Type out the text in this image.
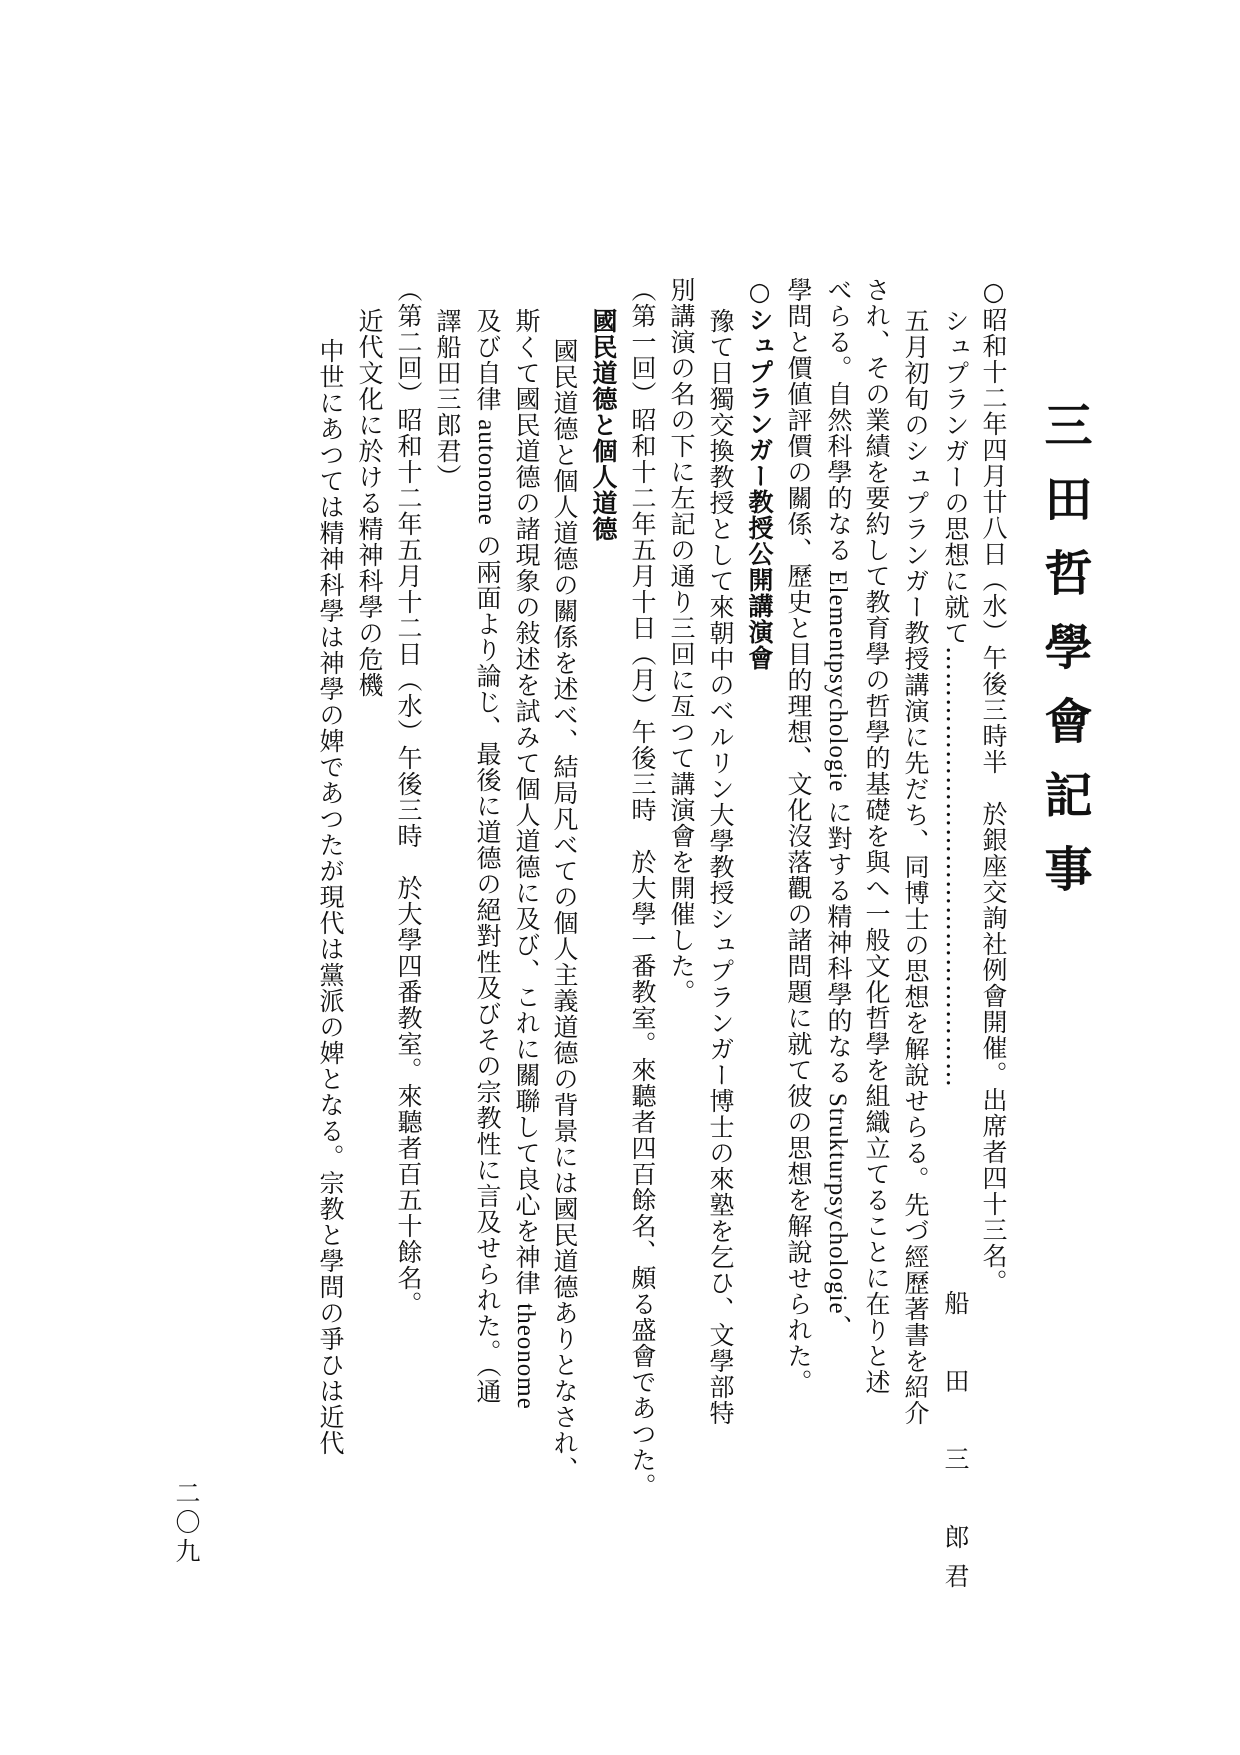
三田哲學會記事
○昭和十二年四月廿八日（水）午後三時半　於銀座交詢社例會開催。出席者四十三名。
シュプランガーの思想に就て……………………………………………
船　田　三　郎君
五月初旬のシュプランガー教授講演に先だち、同博士の思想を解說せらる。先づ經歷著書を紹介
され、その業績を要約して教育學の哲學的基礎を與へ一般文化哲學を組織立てることに在りと述
べらる。自然科學的なる Elementpsychologie に對する精神科學的なる Strukturpsychologie、
學問と價値評價の關係、歷史と目的理想、文化沒落觀の諸問題に就て彼の思想を解說せられた。
○シュプランガー教授公開講演會
豫て日獨交換教授として來朝中のベルリン大學教授シュプランガー博士の來塾を乞ひ、文學部特
別講演の名の下に左記の通り三回に亙つて講演會を開催した。
（第一回）昭和十二年五月十日（月）午後三時　於大學一番教室。來聽者四百餘名、頗る盛會であつた。
國民道德と個人道德
國民道德と個人道德の關係を述べ、結局凡べての個人主義道德の背景には國民道德ありとなされ、
斯くて國民道德の諸現象の敍述を試みて個人道德に及び、これに關聯して良心を神律 theonome
及び自律 autonome の兩面より論じ、最後に道德の絕對性及びその宗教性に言及せられた。（通
譯船田三郎君）
（第二回）昭和十二年五月十二日（水）午後三時　於大學四番教室。來聽者百五十餘名。
近代文化に於ける精神科學の危機
中世にあつては精神科學は神學の婢であつたが現代は黨派の婢となる。宗教と學問の爭ひは近代
二〇九
